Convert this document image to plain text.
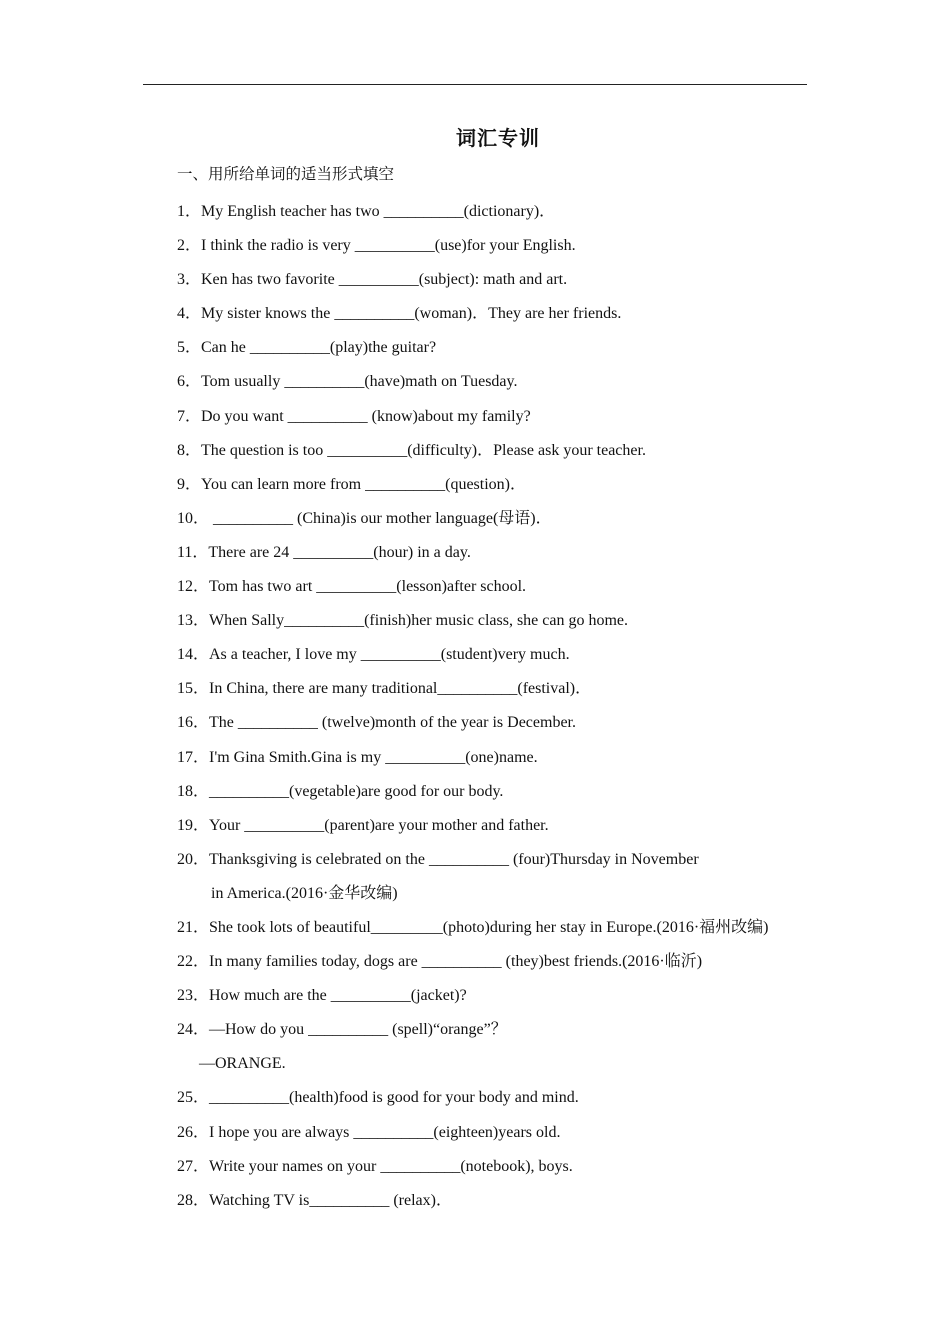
词汇专训
一、用所给单词的适当形式填空
1．My English teacher has two __________(dictionary)．
2．I think the radio is very __________(use)for your English.
3．Ken has two favorite __________(subject): math and art.
4．My sister knows the __________(woman)．They are her friends.
5．Can he __________(play)the guitar?
6．Tom usually __________(have)math on Tuesday.
7．Do you want __________ (know)about my family?
8．The question is too __________(difficulty)．Please ask your teacher.
9．You can learn more from __________(question)．
10． __________ (China)is our mother language(母语)．
11．There are 24 __________(hour) in a day.
12．Tom has two art __________(lesson)after school.
13．When Sally__________(finish)her music class, she can go home.
14．As a teacher, I love my __________(student)very much.
15．In China, there are many traditional__________(festival)．
16．The __________ (twelve)month of the year is December.
17．I'm Gina Smith.Gina is my __________(one)name.
18．__________(vegetable)are good for our body.
19．Your __________(parent)are your mother and father.
20．Thanksgiving is celebrated on the __________ (four)Thursday in November
in America.(2016·金华改编)
21．She took lots of beautiful_________(photo)during her stay in Europe.(2016·福州改编)
22．In many families today, dogs are __________ (they)best friends.(2016·临沂)
23．How much are the __________(jacket)?
24．—How do you __________ (spell)“orange”？
—ORANGE.
25．__________(health)food is good for your body and mind.
26．I hope you are always __________(eighteen)years old.
27．Write your names on your __________(notebook), boys.
28．Watching TV is__________ (relax)．
